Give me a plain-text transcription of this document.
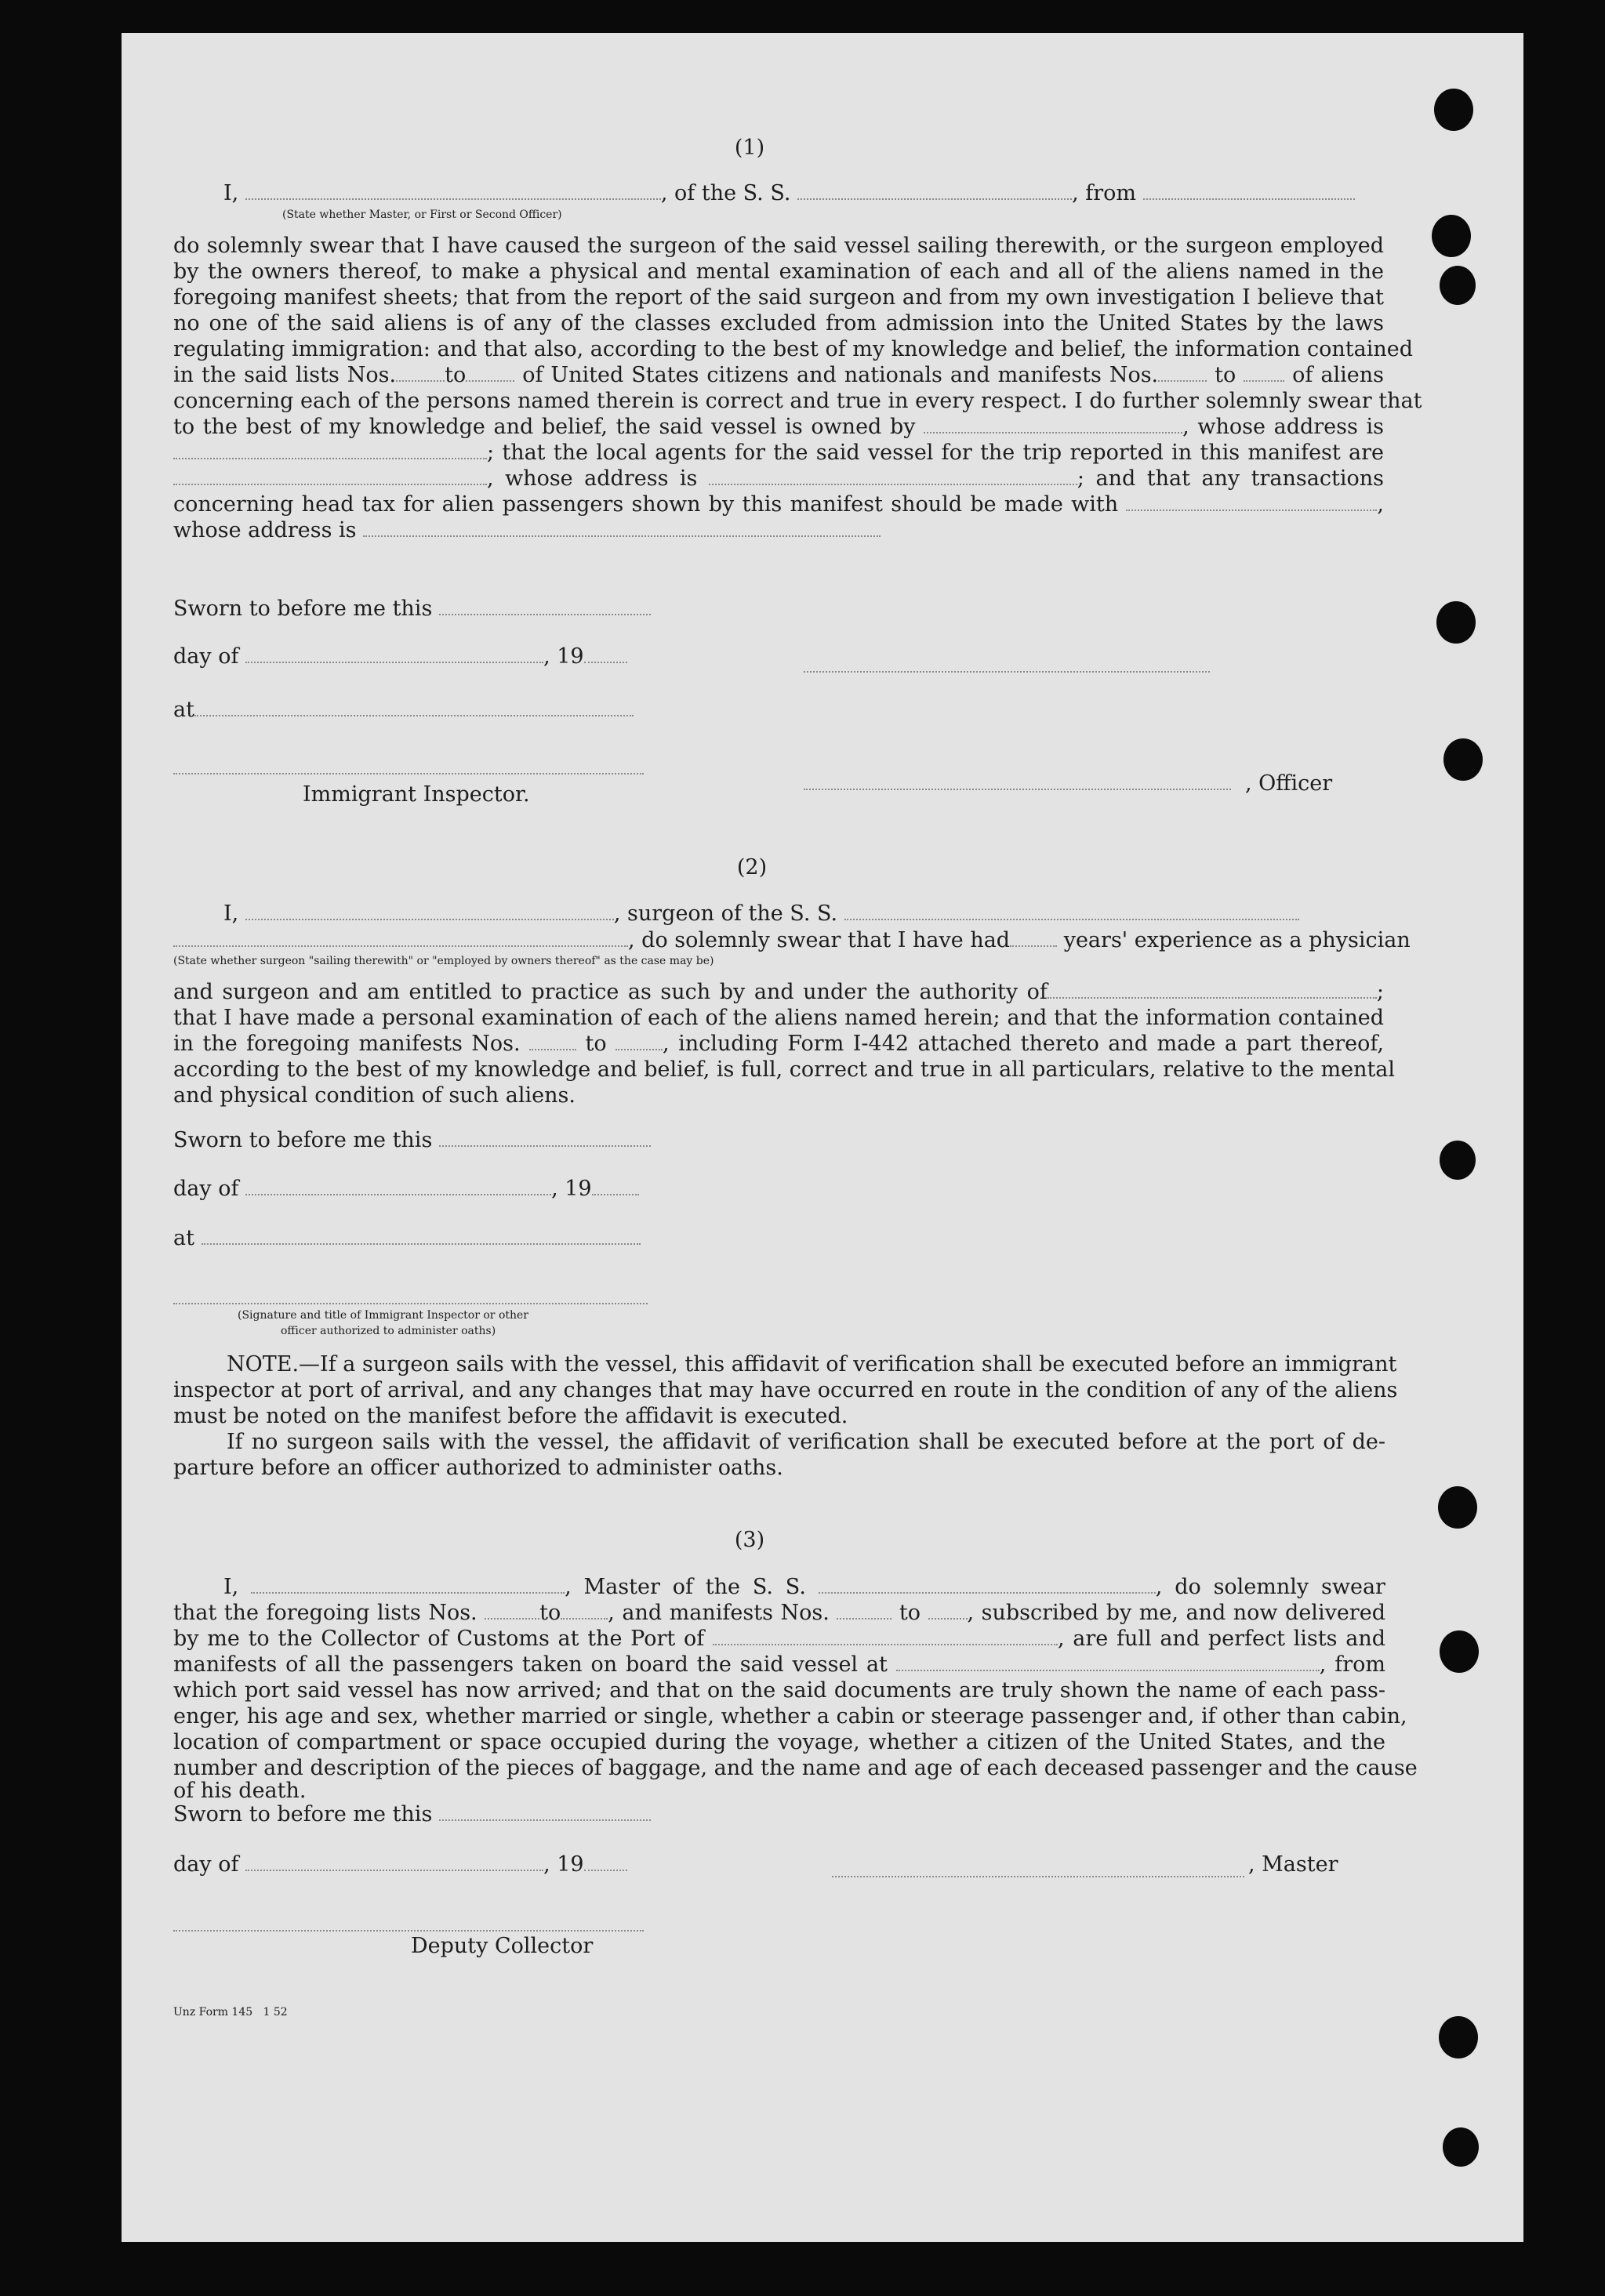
(1)
I,	, of the S. S.	, from
(State whether Master, or First or Second Officer)
do solemnly swear that I have caused the surgeon of the said vessel sailing therewith, or the surgeon employed
by the owners thereof, to make a physical and mental examination of each and all of the aliens named in the
foregoing manifest sheets; that from the report of the said surgeon and from my own investigation I believe that
no one of the said aliens is of any of the classes excluded from admission into the United States by the laws
regulating immigration: and that also, according to the best of my knowledge and belief, the information contained
in the said lists Nos. to	of United States citizens and nationals and manifests Nos.	to	of aliens
concerning each of the persons named therein is correct and true in every respect. I do further solemnly swear that
to the best of my knowledge and belief, the said vessel is owned by	, whose address is
; that the local agents for the said vessel for the trip reported in this manifest are
, whose address is	; and that any transactions
concerning head tax for alien passengers shown by this manifest should be made with	,
whose address is
Sworn to before me this
day of	, 19
at
Immigrant Inspector.	, Officer
(2)
I,	, surgeon of the S. S.
, do solemnly swear that I have had	years' experience as a physician
(State whether surgeon "sailing therewith" or "employed by owners thereof" as the case may be)
and surgeon and am entitled to practice as such by and under the authority of	;
that I have made a personal examination of each of the aliens named herein; and that the information contained
in the foregoing manifests Nos.	to	, including Form I-442 attached thereto and made a part thereof,
according to the best of my knowledge and belief, is full, correct and true in all particulars, relative to the mental
and physical condition of such aliens.
Sworn to before me this
day of	, 19
at
(Signature and title of Immigrant Inspector or other
officer authorized to administer oaths)
NOTE.—If a surgeon sails with the vessel, this affidavit of verification shall be executed before an immigrant
inspector at port of arrival, and any changes that may have occurred en route in the condition of any of the aliens
must be noted on the manifest before the affidavit is executed.
If no surgeon sails with the vessel, the affidavit of verification shall be executed before at the port of de-
parture before an officer authorized to administer oaths.
(3)
I,	, Master of the S. S.	, do solemnly swear
that the foregoing lists Nos.	to , and manifests Nos.	to , subscribed by me, and now delivered
by me to the Collector of Customs at the Port of	, are full and perfect lists and
manifests of all the passengers taken on board the said vessel at	, from
which port said vessel has now arrived; and that on the said documents are truly shown the name of each pass-
enger, his age and sex, whether married or single, whether a cabin or steerage passenger and, if other than cabin,
location of compartment or space occupied during the voyage, whether a citizen of the United States, and the
number and description of the pieces of baggage, and the name and age of each deceased passenger and the cause
of his death.
Sworn to before me this
day of	, 19	, Master
Deputy Collector
Unz Form 145   1 52
